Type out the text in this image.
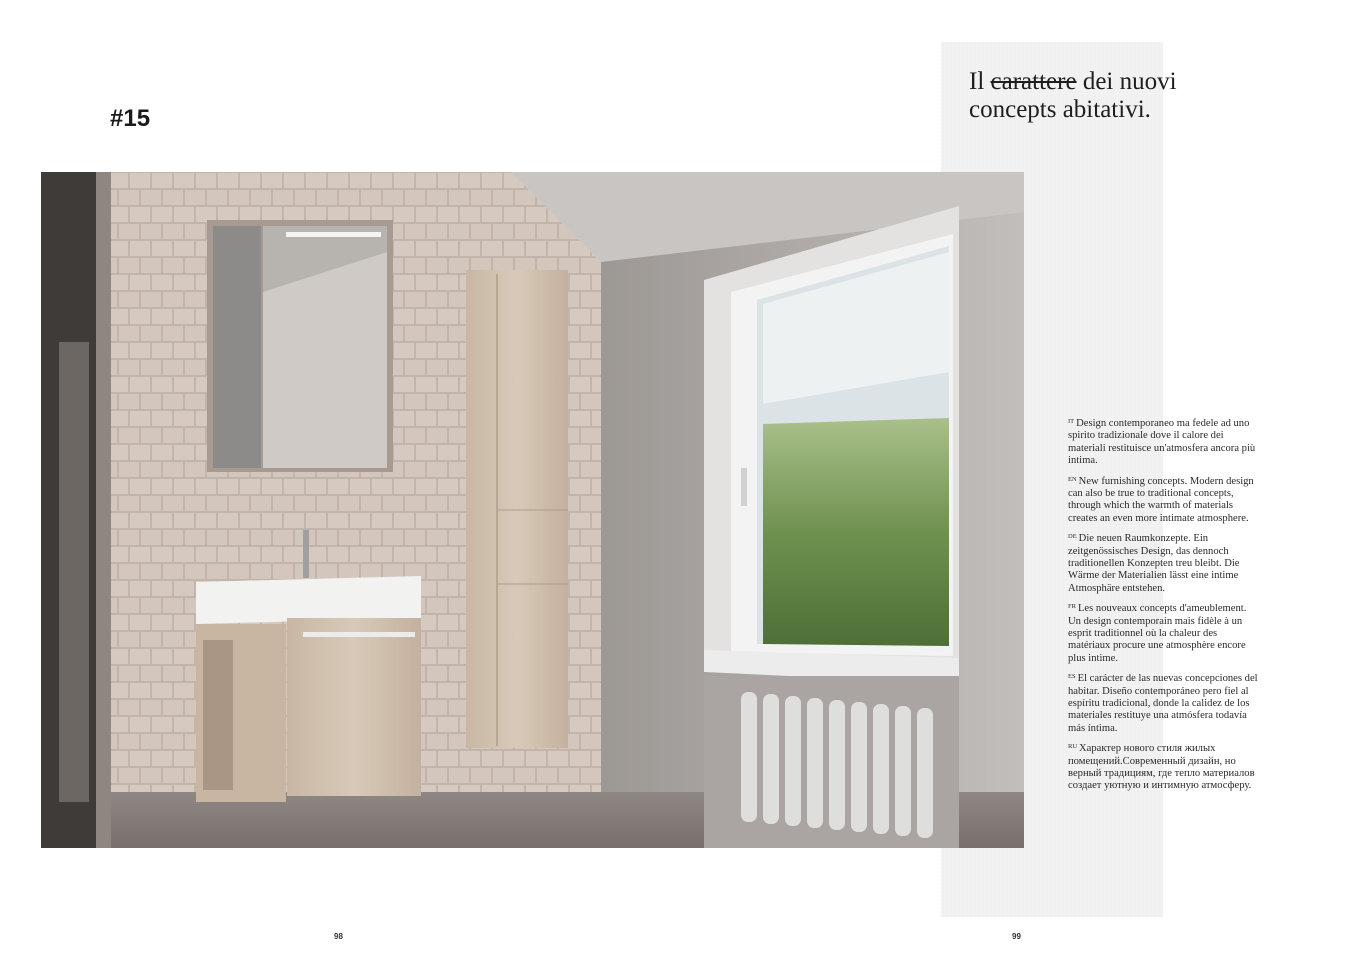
#15
Il carattere dei nuovi
concepts abitativi.

$^{IT}$ Design contemporaneo ma fedele ad uno spirito tradizionale dove il calore dei materiali restituisce un'atmosfera ancora più intima.

$^{EN}$ New furnishing concepts. Modern design can also be true to traditional concepts, through which the warmth of materials creates an even more intimate atmosphere.

$^{DE}$ Die neuen Raumkonzepte. Ein zeitgenössisches Design, das dennoch traditionellen Konzepten treu bleibt. Die Wärme der Materialien lässt eine intime Atmosphäre entstehen.

$^{FR}$ Les nouveaux concepts d'ameublement. Un design contemporain mais fidèle à un esprit traditionnel où la chaleur des matériaux procure une atmosphère encore plus intime.

$^{ES}$ El carácter de las nuevas concepciones del habitar. Diseño contemporáneo pero fiel al espíritu tradicional, donde la calidez de los materiales restituye una atmósfera todavía más íntima.

$^{RU}$ Характер нового стиля жилых помещений.Современный дизайн, но верный традициям, где тепло материалов создает уютную и интимную атмосферу.

98	99
